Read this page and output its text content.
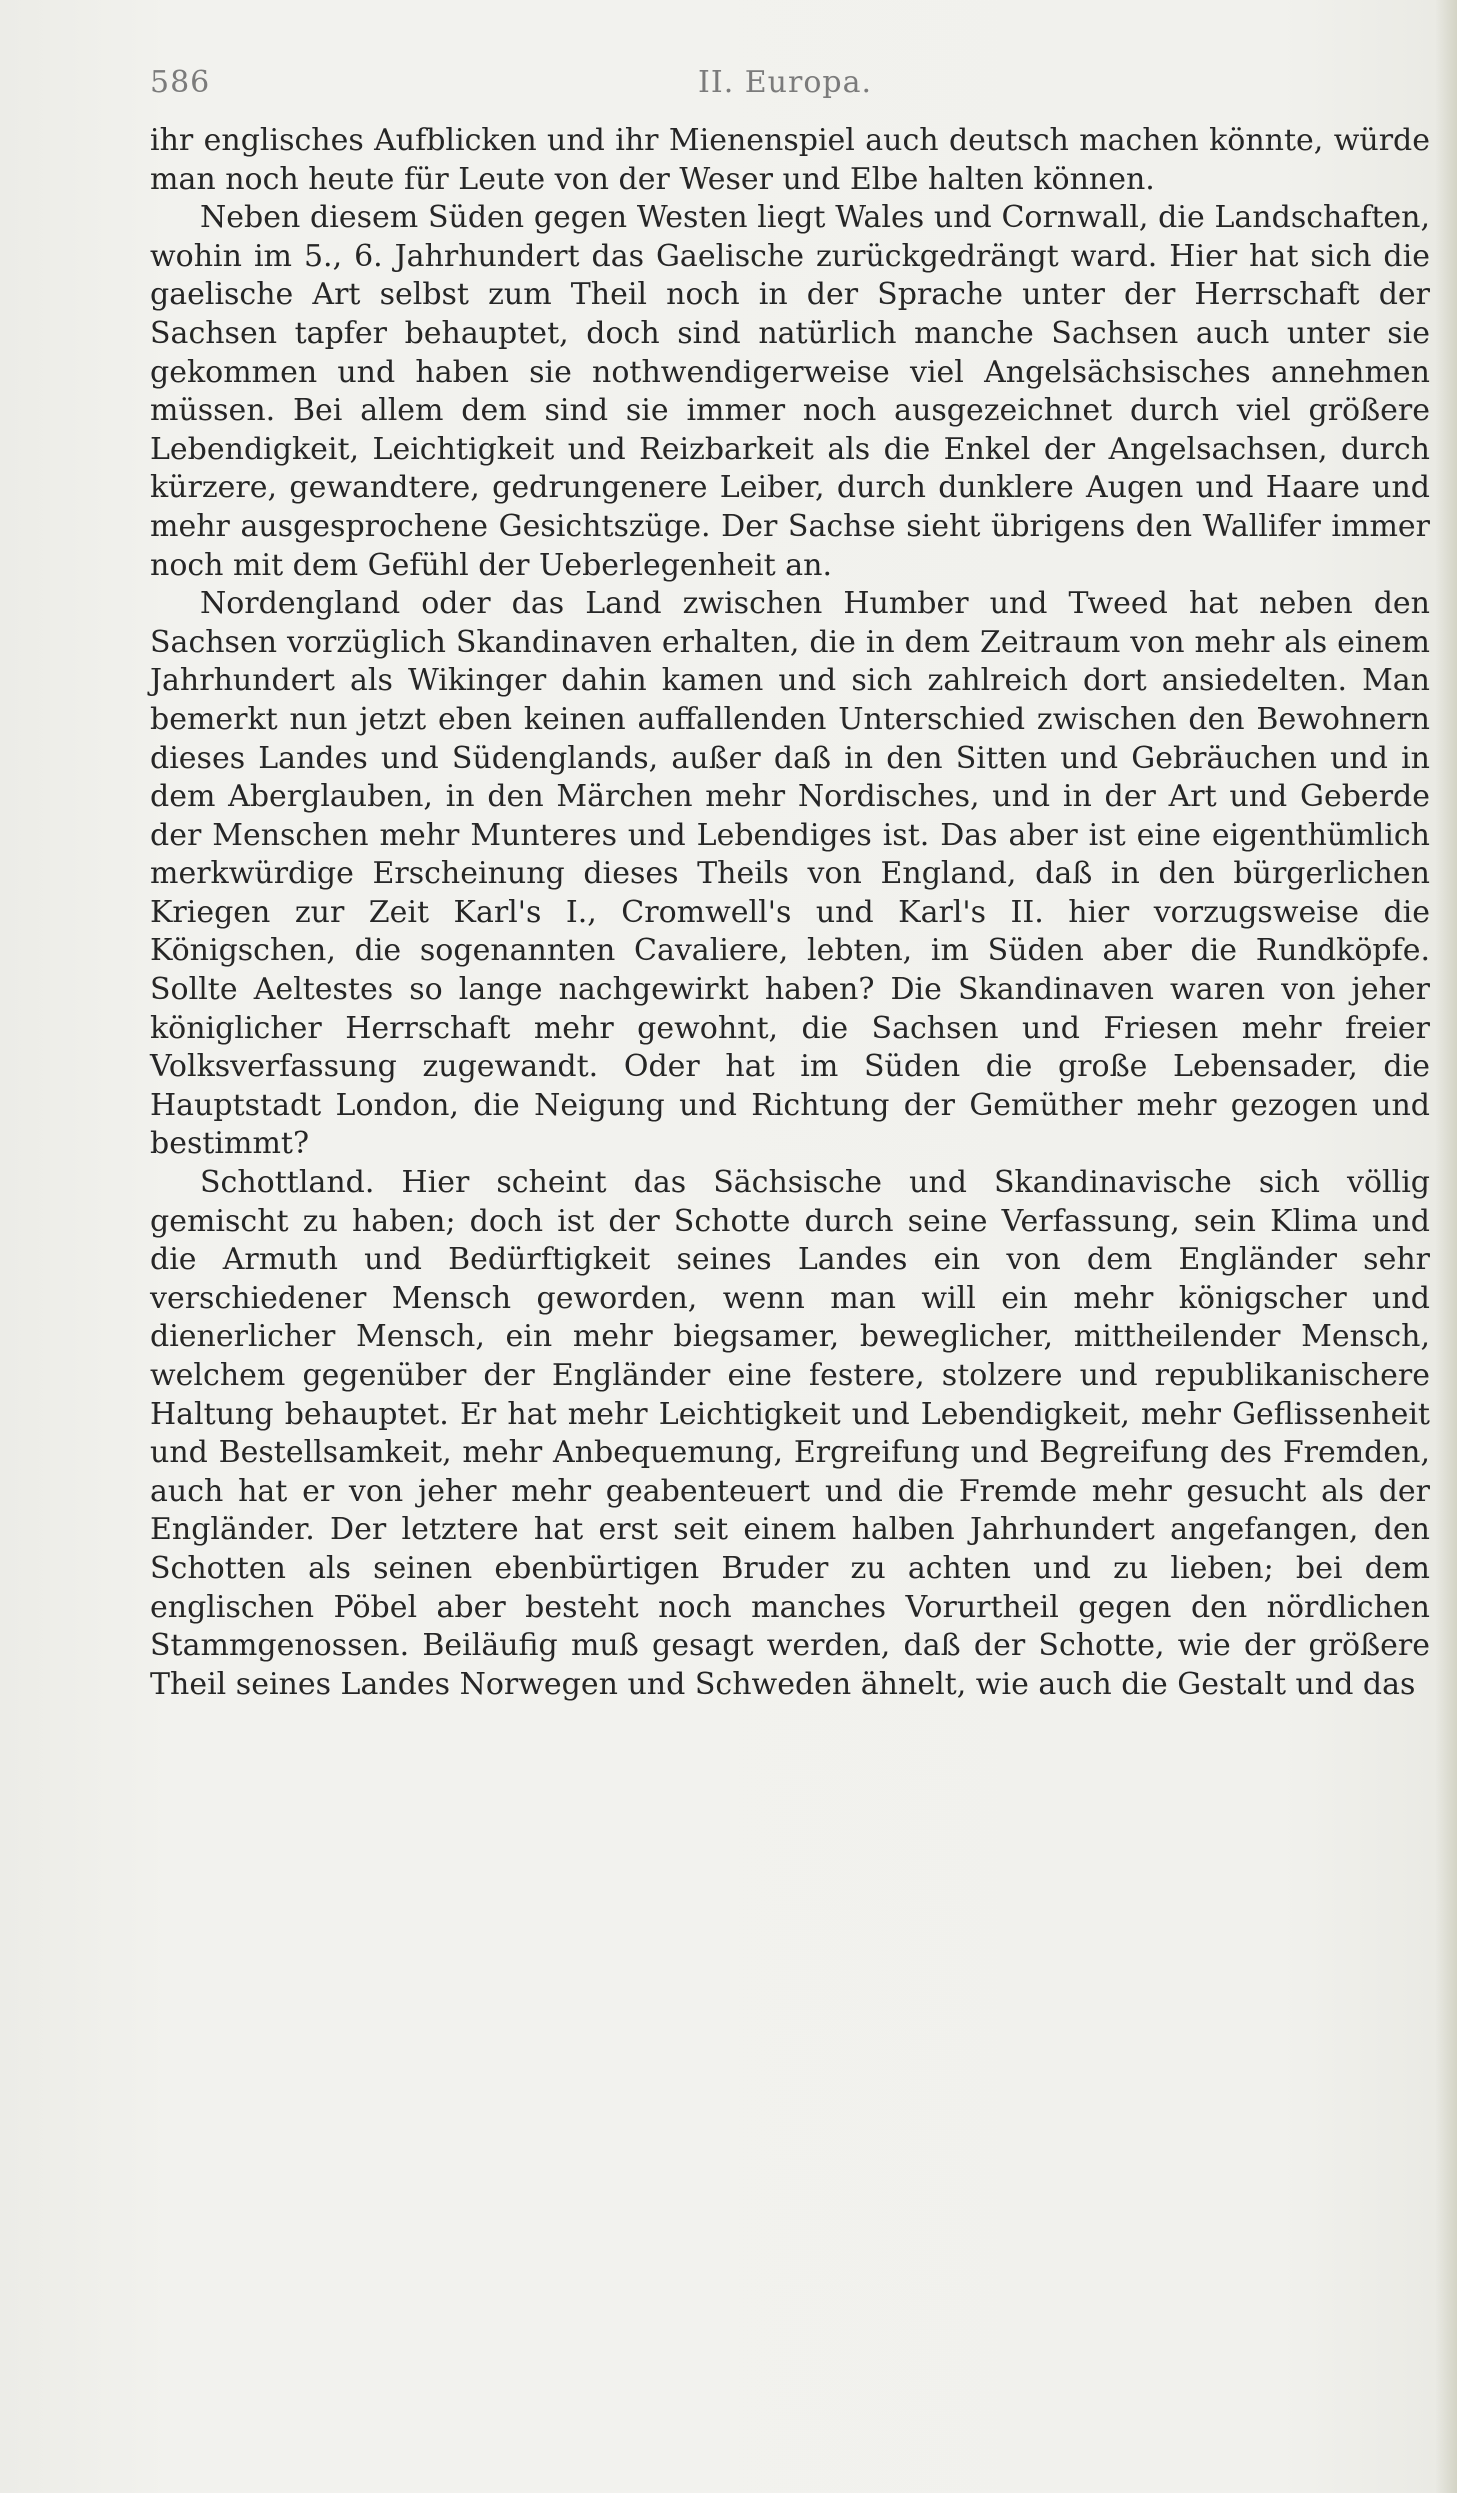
586	II. Europa.

ihr englisches Aufblicken und ihr Mienenspiel auch deutsch machen könnte, würde man noch heute für Leute von der Weser und Elbe halten können.

Neben diesem Süden gegen Westen liegt Wales und Cornwall, die Landschaften, wohin im 5., 6. Jahrhundert das Gaelische zurückgedrängt ward. Hier hat sich die gaelische Art selbst zum Theil noch in der Sprache unter der Herrschaft der Sachsen tapfer behauptet, doch sind natürlich manche Sachsen auch unter sie gekommen und haben sie nothwendigerweise viel Angelsächsisches annehmen müssen. Bei allem dem sind sie immer noch ausgezeichnet durch viel größere Lebendigkeit, Leichtigkeit und Reizbarkeit als die Enkel der Angelsachsen, durch kürzere, gewandtere, gedrungenere Leiber, durch dunklere Augen und Haare und mehr ausgesprochene Gesichtszüge. Der Sachse sieht übrigens den Wallifer immer noch mit dem Gefühl der Ueberlegenheit an.

Nordengland oder das Land zwischen Humber und Tweed hat neben den Sachsen vorzüglich Skandinaven erhalten, die in dem Zeitraum von mehr als einem Jahrhundert als Wikinger dahin kamen und sich zahlreich dort ansiedelten. Man bemerkt nun jetzt eben keinen auffallenden Unterschied zwischen den Bewohnern dieses Landes und Südenglands, außer daß in den Sitten und Gebräuchen und in dem Aberglauben, in den Märchen mehr Nordisches, und in der Art und Geberde der Menschen mehr Munteres und Lebendiges ist. Das aber ist eine eigenthümlich merkwürdige Erscheinung dieses Theils von England, daß in den bürgerlichen Kriegen zur Zeit Karl's I., Cromwell's und Karl's II. hier vorzugsweise die Königschen, die sogenannten Cavaliere, lebten, im Süden aber die Rundköpfe. Sollte Aeltestes so lange nachgewirkt haben? Die Skandinaven waren von jeher königlicher Herrschaft mehr gewohnt, die Sachsen und Friesen mehr freier Volksverfassung zugewandt. Oder hat im Süden die große Lebensader, die Hauptstadt London, die Neigung und Richtung der Gemüther mehr gezogen und bestimmt?

Schottland. Hier scheint das Sächsische und Skandinavische sich völlig gemischt zu haben; doch ist der Schotte durch seine Verfassung, sein Klima und die Armuth und Bedürftigkeit seines Landes ein von dem Engländer sehr verschiedener Mensch geworden, wenn man will ein mehr königscher und dienerlicher Mensch, ein mehr biegsamer, beweglicher, mittheilender Mensch, welchem gegenüber der Engländer eine festere, stolzere und republikanischere Haltung behauptet. Er hat mehr Leichtigkeit und Lebendigkeit, mehr Geflissenheit und Bestellsamkeit, mehr Anbequemung, Ergreifung und Begreifung des Fremden, auch hat er von jeher mehr geabenteuert und die Fremde mehr gesucht als der Engländer. Der letztere hat erst seit einem halben Jahrhundert angefangen, den Schotten als seinen ebenbürtigen Bruder zu achten und zu lieben; bei dem englischen Pöbel aber besteht noch manches Vorurtheil gegen den nördlichen Stammgenossen. Beiläufig muß gesagt werden, daß der Schotte, wie der größere Theil seines Landes Norwegen und Schweden ähnelt, wie auch die Gestalt und das
